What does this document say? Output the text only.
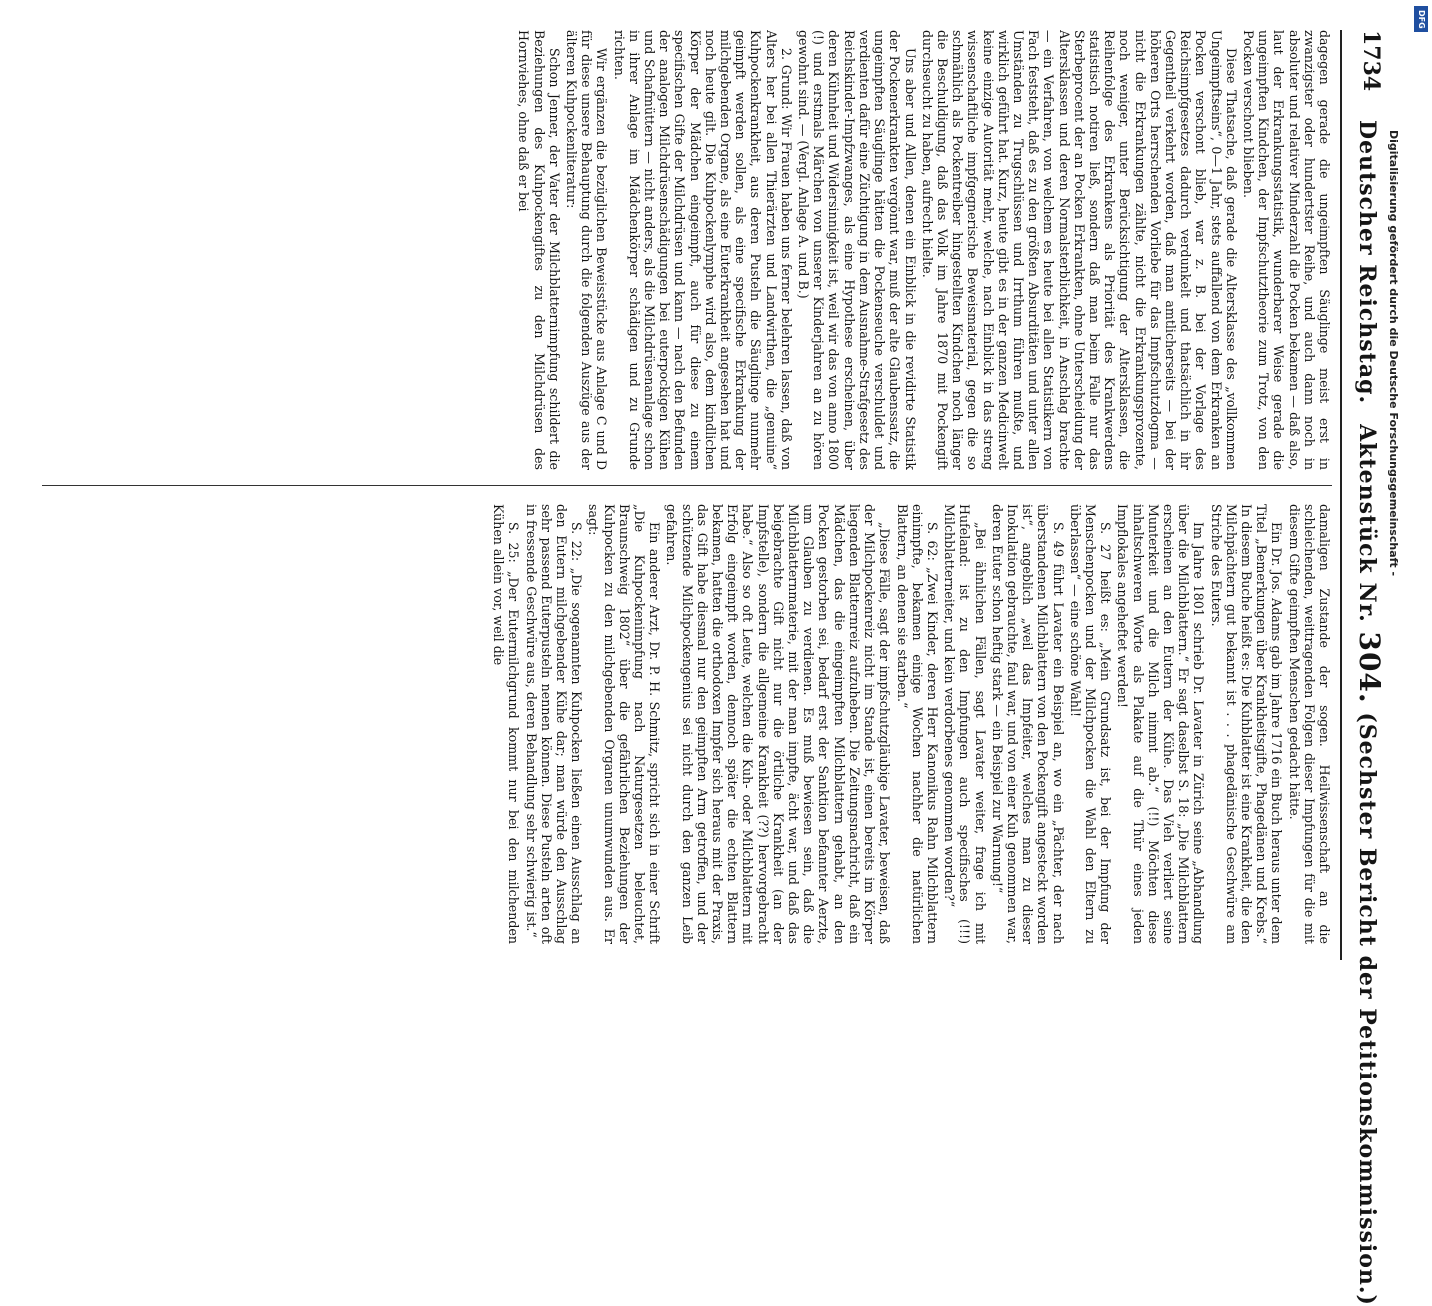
1734
Deutscher Reichstag. Aktenstück Nr. 304. (Sechster Bericht der Petitionskommission.)

dagegen gerade die ungeimpften Säuglinge meist erst in zwanzigster oder hundertster Reihe, und auch dann noch in absoluter und relativer Minderzahl die Pocken bekamen — daß also, laut der Erkrankungsstatistik, wunderbarer Weise gerade die ungeimpften Kindchen, der Impfschutztheorie zum Trotz, von den Pocken verschont blieben.

Diese Thatsache, daß gerade die Altersklasse des „vollkommen Ungeimpftseins“, 0—1 Jahr, stets auffallend von dem Erkranken an Pocken verschont blieb, war z. B. bei der Vorlage des Reichsimpfgesetzes dadurch verdunkelt und thatsächlich in ihr Gegentheil verkehrt worden, daß man amtlicherseits — bei der höheren Orts herrschenden Vorliebe für das Impfschutzdogma — nicht die Erkrankungen zählte, nicht die Erkrankungsprozente, noch weniger, unter Berücksichtigung der Altersklassen, die Reihenfolge des Erkrankens als Priorität des Krankwerdens statistisch notiren ließ, sondern daß man beim Falle nur das Sterbeprocent der an Pocken Erkrankten, ohne Unterscheidung der Altersklassen und deren Normalsterblichkeit, in Anschlag brachte — ein Verfahren, von welchem es heute bei allen Statistikern von Fach feststeht, daß es zu den größten Absurditäten und unter allen Umständen zu Trugschlüssen und Irrthum führen mußte, und wirklich geführt hat. Kurz, heute gibt es in der ganzen Medicinwelt keine einzige Autorität mehr, welche, nach Einblick in das streng wissenschaftliche impfgegnerische Beweismaterial, gegen die so schmählich als Pockentreiber hingestellten Kindchen noch länger die Beschuldigung, daß das Volk im Jahre 1870 mit Pockengift durchseucht zu haben, aufrecht hielte.

Uns aber und Allen, denen ein Einblick in die revidirte Statistik der Pockenerkrankten vergönnt war, muß der alte Glaubenssatz, die ungeimpften Säuglinge hätten die Pockenseuche verschuldet und verdienten dafür eine Züchtigung in dem Ausnahme-Strafgesetz des Reichskinder-Impfzwanges, als eine Hypothese erscheinen, über deren Kühnheit und Widersinnigkeit ist, weil wir das von anno 1800 (!) und erstmals Märchen von unserer Kinderjahren an zu hören gewohnt sind. — (Vergl. Anlage A. und B.)

2. Grund: Wir Frauen haben uns ferner belehren lassen, daß von Alters her bei allen Thierärzten und Landwirthen, die „genuine“ Kuhpockenkrankheit, aus deren Pusteln die Säuglinge nunmehr geimpft werden sollen, als eine specifische Erkrankung der milchgebenden Organe, als eine Euterkrankheit angesehen hat und noch heute gilt. Die Kuhpockenlymphe wird also, dem kindlichen Körper der Mädchen eingeimpft, auch für diese zu einem specifischen Gifte der Milchdrüsen und kann — nach den Befunden der analogen Milchdrüsenschädigungen bei euterpockigen Kühen und Schafmüttern — nicht anders, als die Milchdrüsenanlage schon in ihrer Anlage im Mädchenkörper schädigen und zu Grunde richten.

Wir ergänzen die bezüglichen Beweisstücke aus Anlage C und D für diese unsere Behauptung durch die folgenden Auszüge aus der älteren Kuhpockenliteratur:

Schon Jenner, der Vater der Milchblatternimpfung schildert die Beziehungen des Kuhpockengiftes zu den Milchdrüsen des Hornviehes, ohne daß er bei

damaligen Zustande der sogen. Heilwissenschaft an die schleichenden, weittragenden Folgen dieser Impfungen für die mit diesem Gifte geimpften Menschen gedacht hätte.

Ein Dr. Jos. Adams gab im Jahre 1716 ein Buch heraus unter dem Titel „Bemerkungen über Krankheitsgifte, Phagedänen und Krebs.“ In diesem Buche heißt es: Die Kuhblatter ist eine Krankheit, die den Milchpächtern gut bekannt ist . . . phagedänische Geschwüre am Striche des Euters.

Im Jahre 1801 schrieb Dr. Lavater in Zürich seine „Abhandlung über die Milchblattern.“ Er sagt daselbst S. 18: „Die Milchblattern erscheinen an den Eutern der Kühe. Das Vieh verliert seine Munterkeit und die Milch nimmt ab.“ (!!) Möchten diese inhaltschweren Worte als Plakate auf die Thür eines jeden Impflokales angeheftet werden!

S. 27 heißt es: „Mein Grundsatz ist, bei der Impfung der Menschenpocken und der Milchpocken die Wahl den Eltern zu überlassen“ — eine schöne Wahl!

S. 49 führt Lavater ein Beispiel an, wo ein „Pächter, der nach überstandenen Milchblattern von den Pockengift angesteckt worden ist“, angeblich „weil das Impfeiter, welches man zu dieser Inokulation gebrauchte, faul war, und von einer Kuh genommen war, deren Euter schon heftig stark — ein Beispiel zur Warnung!“

„Bei ähnlichen Fällen, sagt Lavater weiter, frage ich mit Hufeland: ist zu den Impfungen auch specifisches (!!!) Milchblatterneiter, und kein verdorbenes genommen worden?“

S. 62: „Zwei Kinder, deren Herr Kanonikus Rahn Milchblattern einimpfte, bekamen einige Wochen nachher die natürlichen Blattern, an denen sie starben.“

„Diese Fälle, sagt der impfschutzgläubige Lavater, beweisen, daß der Milchpockenreiz nicht im Stande ist, einen bereits im Körper liegenden Blatternreiz aufzuheben. Die Zeitungsnachricht, daß ein Mädchen, das die eingeimpften Milchblattern gehabt, an den Pocken gestorben sei, bedarf erst der Sanktion befannter Aerzte, um Glauben zu verdienen. Es muß bewiesen sein, daß die Milchblatternmaterie, mit der man impfte, ächt war, und daß das beigebrachte Gift nicht nur die örtliche Krankheit (an der Impfstelle), sondern die allgemeine Krankheit (??) hervorgebracht habe.“ Also so oft Leute, welchen die Kuh- oder Milchblattern mit Erfolg eingeimpft worden, dennoch später die echten Blattern bekamen, hatten die orthodoxen Impfer sich heraus mit der Praxis, das Gift habe diesmal nur den geimpften Arm getroffen, und der schützende Milchpockengenius sei nicht durch den ganzen Leib gefahren.

Ein anderer Arzt, Dr. P. H. Schmitz, spricht sich in einer Schrift „Die Kuhpockenimpfung nach Naturgesetzen beleuchtet, Braunschweig 1802“ über die gefährlichen Beziehungen der Kuhpocken zu den milchgebenden Organen unumwunden aus. Er sagt:

S. 22: „Die sogenannten Kuhpocken ließen einen Ausschlag an den Eutern milchgebender Kühe dar; man würde den Ausschlag sehr passend Euterpusteln nennen können. Diese Pusteln arten oft in fressende Geschwüre aus, deren Behandlung sehr schwierig ist.“

S. 25: „Der Eutermilchgrund kommt nur bei den milchenden Kühen allein vor, weil die

Digitalisierung gefördert durch die Deutsche Forschungsgemeinschaft -
DFG
